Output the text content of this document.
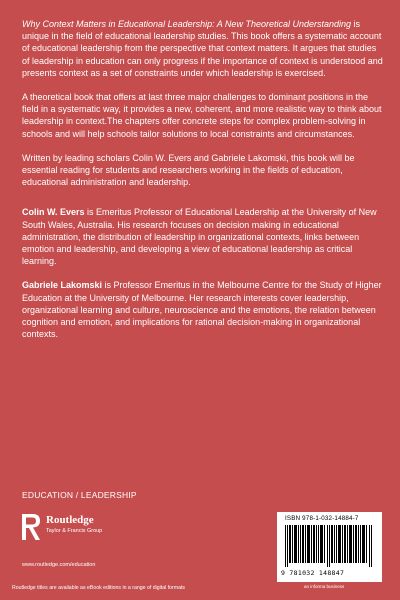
Why Context Matters in Educational Leadership: A New Theoretical Understanding is unique in the field of educational leadership studies. This book offers a systematic account of educational leadership from the perspective that context matters. It argues that studies of leadership in education can only progress if the importance of context is understood and presents context as a set of constraints under which leadership is exercised.

A theoretical book that offers at last three major challenges to dominant positions in the field in a systematic way, it provides a new, coherent, and more realistic way to think about leadership in context.The chapters offer concrete steps for complex problem-solving in schools and will help schools tailor solutions to local constraints and circumstances.

Written by leading scholars Colin W. Evers and Gabriele Lakomski, this book will be essential reading for students and researchers working in the fields of education, educational administration and leadership.

Colin W. Evers is Emeritus Professor of Educational Leadership at the University of New South Wales, Australia. His research focuses on decision making in educational administration, the distribution of leadership in organizational contexts, links between emotion and leadership, and developing a view of educational leadership as critical learning.

Gabriele Lakomski is Professor Emeritus in the Melbourne Centre for the Study of Higher Education at the University of Melbourne. Her research interests cover leadership, organizational learning and culture, neuroscience and the emotions, the relation between cognition and emotion, and implications for rational decision-making in organizational contexts.

EDUCATION / LEADERSHIP
Routledge
Taylor & Francis Group
www.routledge.com/education
Routledge titles are available as eBook editions in a range of digital formats
ISBN 978-1-032-14884-7
9 781032 148847
an informa business
